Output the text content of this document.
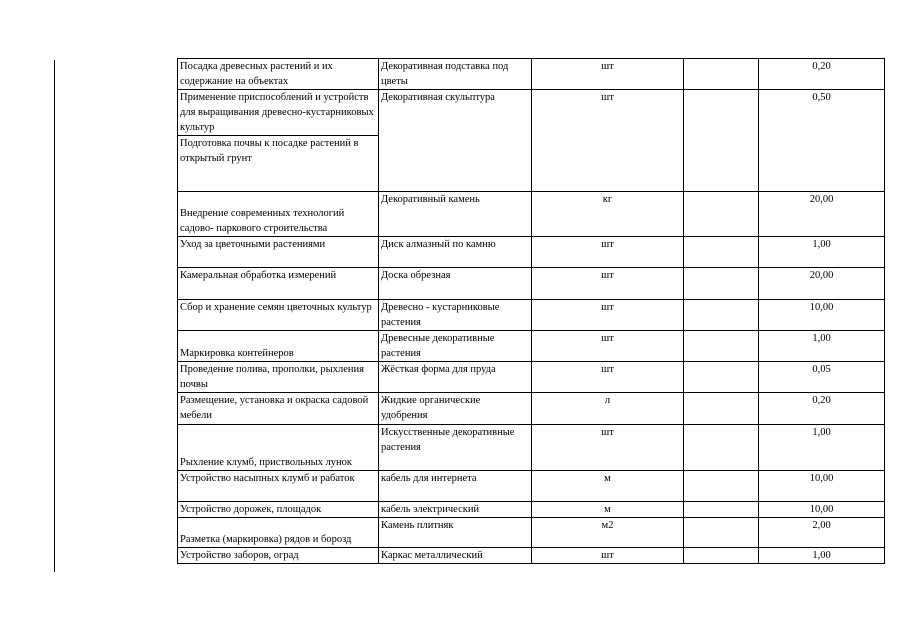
Посадка древесных растений и их содержание на объектах	Декоративная подставка под цветы	шт		0,20
Применение приспособлений и устройств для выращивания древесно-кустарниковых культур	Декоративная скульптура	шт		0,50
Подготовка почвы к посадке растений в открытый грунт				
Внедрение современных технологий садово- паркового строительства	Декоративный камень	кг		20,00
Уход за цветочными растениями	Диск алмазный по камню	шт		1,00
Камеральная обработка измерений	Доска обрезная	шт		20,00
Сбор и хранение семян цветочных культур	Древесно - кустарниковые растения	шт		10,00
Маркировка контейнеров	Древесные декоративные растения	шт		1,00
Проведение полива, прополки, рыхления почвы	Жёсткая форма для пруда	шт		0,05
Размещение, установка и окраска садовой мебели	Жидкие органические удобрения	л		0,20
Рыхление клумб, приствольных лунок	Искусственные декоративные растения	шт		1,00
Устройство насыпных клумб и рабаток	кабель для интернета	м		10,00
Устройство дорожек, площадок	кабель электрический	м		10,00
Разметка (маркировка) рядов и борозд	Камень плитняк	м2		2,00
Устройство заборов, оград	Каркас металлический	шт		1,00
